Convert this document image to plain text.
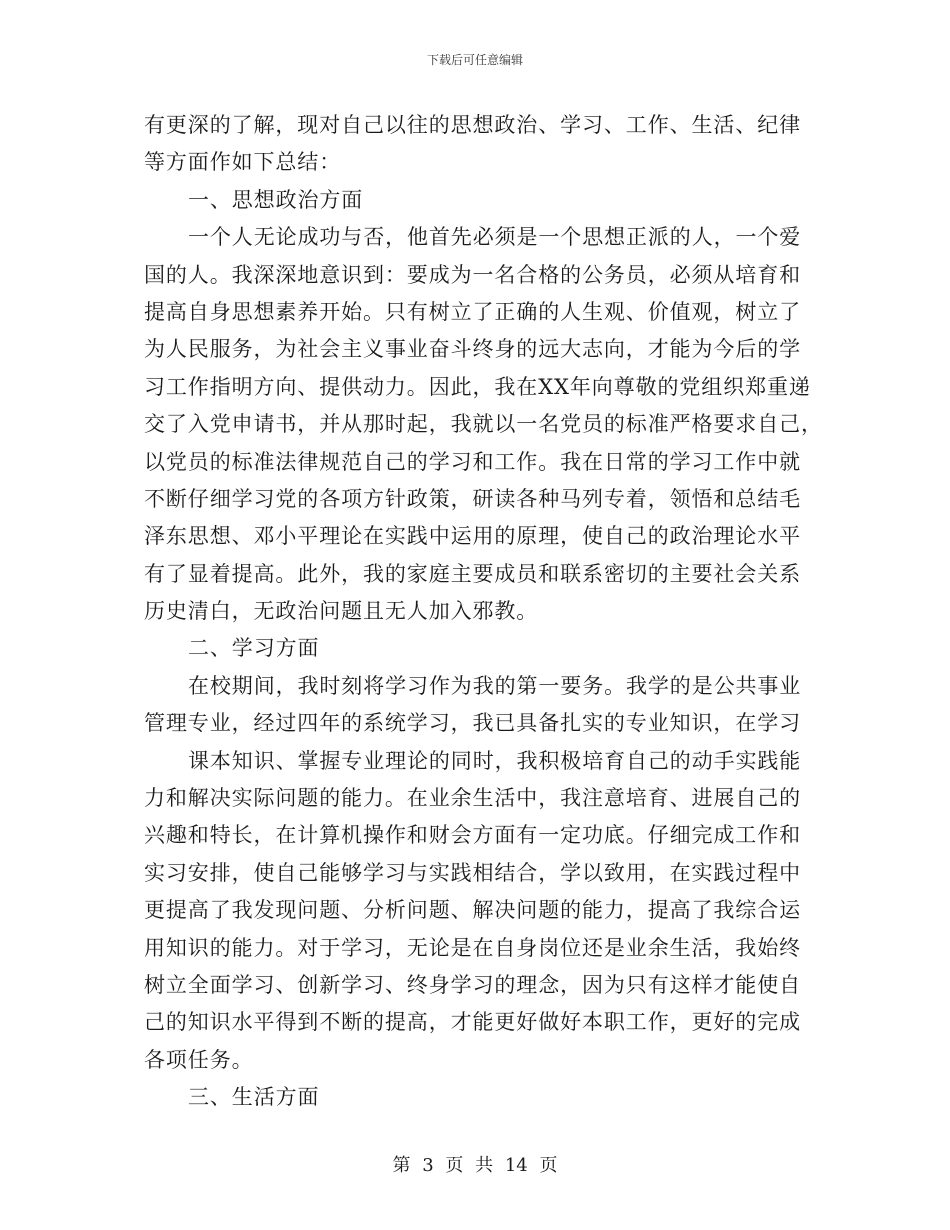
下载后可任意编辑
有更深的了解，现对自己以往的思想政治、学习、工作、生活、纪律
等方面作如下总结：
一、思想政治方面
一个人无论成功与否，他首先必须是一个思想正派的人，一个爱
国的人。我深深地意识到：要成为一名合格的公务员，必须从培育和
提高自身思想素养开始。只有树立了正确的人生观、价值观，树立了
为人民服务，为社会主义事业奋斗终身的远大志向，才能为今后的学
习工作指明方向、提供动力。因此，我在XX年向尊敬的党组织郑重递
交了入党申请书，并从那时起，我就以一名党员的标准严格要求自己，
以党员的标准法律规范自己的学习和工作。我在日常的学习工作中就
不断仔细学习党的各项方针政策，研读各种马列专着，领悟和总结毛
泽东思想、邓小平理论在实践中运用的原理，使自己的政治理论水平
有了显着提高。此外，我的家庭主要成员和联系密切的主要社会关系
历史清白，无政治问题且无人加入邪教。
二、学习方面
在校期间，我时刻将学习作为我的第一要务。我学的是公共事业
管理专业，经过四年的系统学习，我已具备扎实的专业知识，在学习
课本知识、掌握专业理论的同时，我积极培育自己的动手实践能
力和解决实际问题的能力。在业余生活中，我注意培育、进展自己的
兴趣和特长，在计算机操作和财会方面有一定功底。仔细完成工作和
实习安排，使自己能够学习与实践相结合，学以致用，在实践过程中
更提高了我发现问题、分析问题、解决问题的能力，提高了我综合运
用知识的能力。对于学习，无论是在自身岗位还是业余生活，我始终
树立全面学习、创新学习、终身学习的理念，因为只有这样才能使自
己的知识水平得到不断的提高，才能更好做好本职工作，更好的完成
各项任务。
三、生活方面
第 3 页 共 14 页
